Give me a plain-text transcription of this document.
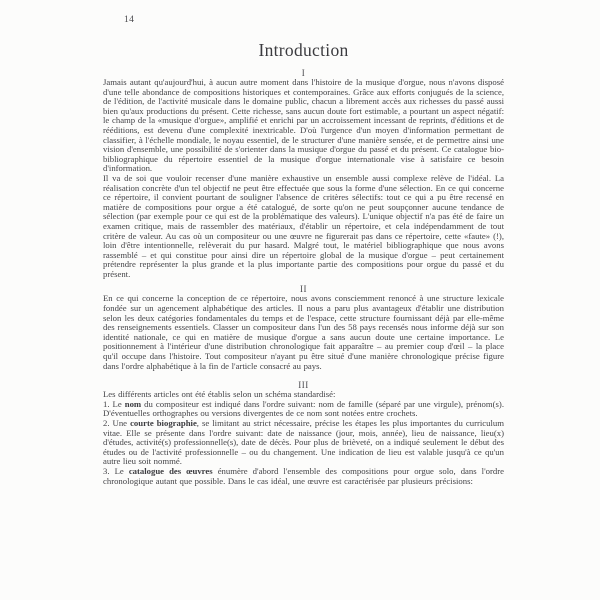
14
Introduction
I

Jamais autant qu'aujourd'hui, à aucun autre moment dans l'histoire de la musique d'orgue, nous n'avons disposé d'une telle abondance de compositions historiques et contemporaines. Grâce aux efforts conjugués de la science, de l'édition, de l'activité musicale dans le domaine public, chacun a librement accès aux richesses du passé aussi bien qu'aux productions du présent. Cette richesse, sans aucun doute fort estimable, a pourtant un aspect négatif: le champ de la «musique d'orgue», amplifié et enrichi par un accroissement incessant de reprints, d'éditions et de rééditions, est devenu d'une complexité inextricable. D'où l'urgence d'un moyen d'information permettant de classifier, à l'échelle mondiale, le noyau essentiel, de le structurer d'une manière sensée, et de permettre ainsi une vision d'ensemble, une possibilité de s'orienter dans la musique d'orgue du passé et du présent. Ce catalogue bio-bibliographique du répertoire essentiel de la musique d'orgue internationale vise à satisfaire ce besoin d'information.

Il va de soi que vouloir recenser d'une manière exhaustive un ensemble aussi complexe relève de l'idéal. La réalisation concrète d'un tel objectif ne peut être effectuée que sous la forme d'une sélection. En ce qui concerne ce répertoire, il convient pourtant de souligner l'absence de critères sélectifs: tout ce qui a pu être recensé en matière de compositions pour orgue a été catalogué, de sorte qu'on ne peut soupçonner aucune tendance de sélection (par exemple pour ce qui est de la problématique des valeurs). L'unique objectif n'a pas été de faire un examen critique, mais de rassembler des matériaux, d'établir un répertoire, et cela indépendamment de tout critère de valeur. Au cas où un compositeur ou une œuvre ne figurerait pas dans ce répertoire, cette «faute» (!), loin d'être intentionnelle, relèverait du pur hasard. Malgré tout, le matériel bibliographique que nous avons rassemblé – et qui constitue pour ainsi dire un répertoire global de la musique d'orgue – peut certainement prétendre représenter la plus grande et la plus importante partie des compositions pour orgue du passé et du présent.

II

En ce qui concerne la conception de ce répertoire, nous avons consciemment renoncé à une structure lexicale fondée sur un agencement alphabétique des articles. Il nous a paru plus avantageux d'établir une distribution selon les deux catégories fondamentales du temps et de l'espace, cette structure fournissant déjà par elle-même des renseignements essentiels. Classer un compositeur dans l'un des 58 pays recensés nous informe déjà sur son identité nationale, ce qui en matière de musique d'orgue a sans aucun doute une certaine importance. Le positionnement à l'intérieur d'une distribution chronologique fait apparaître – au premier coup d'œil – la place qu'il occupe dans l'histoire. Tout compositeur n'ayant pu être situé d'une manière chronologique précise figure dans l'ordre alphabétique à la fin de l'article consacré au pays.

III

Les différents articles ont été établis selon un schéma standardisé:

1. Le nom du compositeur est indiqué dans l'ordre suivant: nom de famille (séparé par une virgule), prénom(s). D'éventuelles orthographes ou versions divergentes de ce nom sont notées entre crochets.

2. Une courte biographie, se limitant au strict nécessaire, précise les étapes les plus importantes du curriculum vitae. Elle se présente dans l'ordre suivant: date de naissance (jour, mois, année), lieu de naissance, lieu(x) d'études, activité(s) professionnelle(s), date de décès. Pour plus de brièveté, on a indiqué seulement le début des études ou de l'activité professionnelle – ou du changement. Une indication de lieu est valable jusqu'à ce qu'un autre lieu soit nommé.

3. Le catalogue des œuvres énumère d'abord l'ensemble des compositions pour orgue solo, dans l'ordre chronologique autant que possible. Dans le cas idéal, une œuvre est caractérisée par plusieurs précisions:
